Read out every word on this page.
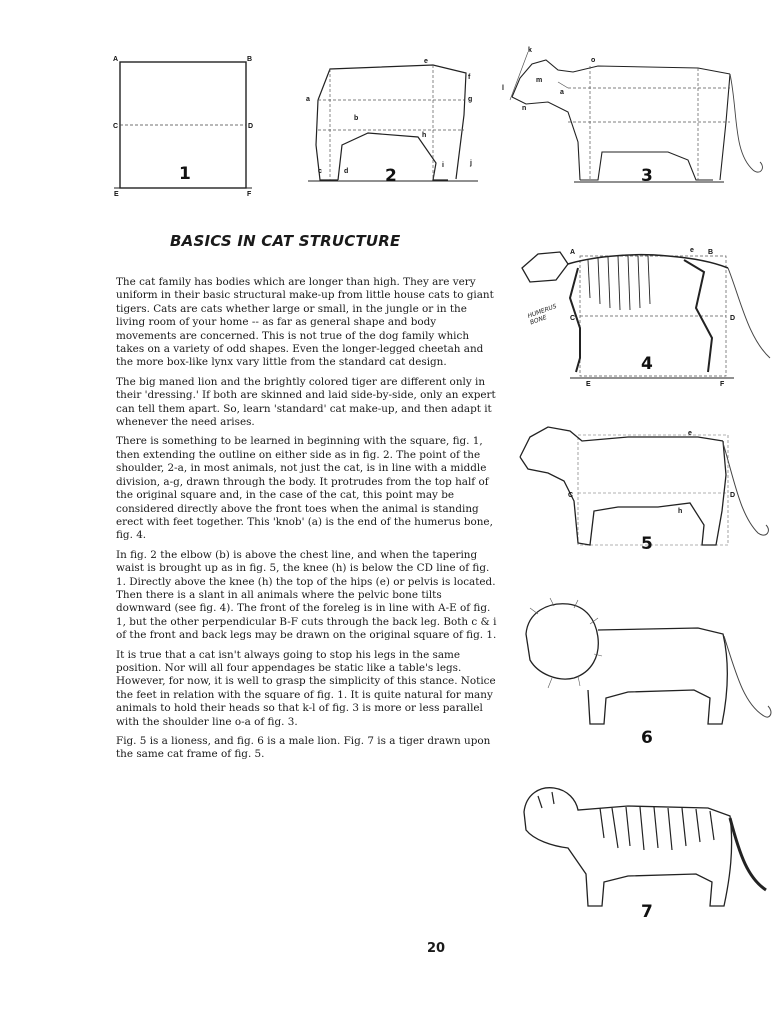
A	B
C	D
E	F
1
a
b
c	d
e
f
g
h
i	j
2
k
l
m
n
o
a
3
BASICS IN CAT STRUCTURE
A	B
C	D
E	F
e
HUMERUS BONE
4
C	D
e
h
5
6
7

The cat family has bodies which are longer than high. They are very uniform in their basic structural make-up from little house cats to giant tigers. Cats are cats whether large or small, in the jungle or in the living room of your home -- as far as general shape and body movements are concerned. This is not true of the dog family which takes on a variety of odd shapes. Even the longer-legged cheetah and the more box-like lynx vary little from the standard cat design.

The big maned lion and the brightly colored tiger are different only in their 'dressing.' If both are skinned and laid side-by-side, only an expert can tell them apart. So, learn 'standard' cat make-up, and then adapt it whenever the need arises.

There is something to be learned in beginning with the square, fig. 1, then extending the outline on either side as in fig. 2. The point of the shoulder, 2-a, in most animals, not just the cat, is in line with a middle division, a-g, drawn through the body. It protrudes from the top half of the original square and, in the case of the cat, this point may be considered directly above the front toes when the animal is standing erect with feet together. This 'knob' (a) is the end of the humerus bone, fig. 4.

In fig. 2 the elbow (b) is above the chest line, and when the tapering waist is brought up as in fig. 5, the knee (h) is below the CD line of fig. 1. Directly above the knee (h) the top of the hips (e) or pelvis is located. Then there is a slant in all animals where the pelvic bone tilts downward (see fig. 4). The front of the foreleg is in line with A-E of fig. 1, but the other perpendicular B-F cuts through the back leg. Both c & i of the front and back legs may be drawn on the original square of fig. 1.

It is true that a cat isn't always going to stop his legs in the same position. Nor will all four appendages be static like a table's legs. However, for now, it is well to grasp the simplicity of this stance. Notice the feet in relation with the square of fig. 1. It is quite natural for many animals to hold their heads so that k-l of fig. 3 is more or less parallel with the shoulder line o-a of fig. 3.

Fig. 5 is a lioness, and fig. 6 is a male lion. Fig. 7 is a tiger drawn upon the same cat frame of fig. 5.

20
